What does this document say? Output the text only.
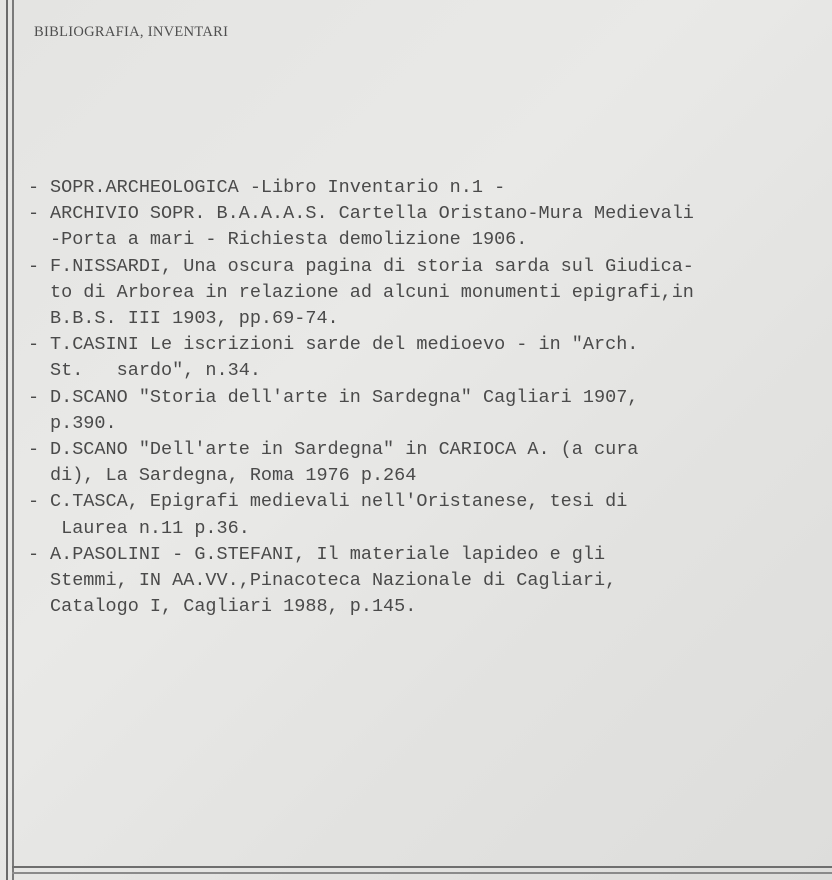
BIBLIOGRAFIA, INVENTARI
- SOPR.ARCHEOLOGICA -Libro Inventario n.1 -
- ARCHIVIO SOPR. B.A.A.A.S. Cartella Oristano-Mura Medievali
-Porta a mari - Richiesta demolizione 1906.
- F.NISSARDI, Una oscura pagina di storia sarda sul Giudica-
to di Arborea in relazione ad alcuni monumenti epigrafi,in
B.B.S. III 1903, pp.69-74.
- T.CASINI Le iscrizioni sarde del medioevo - in "Arch.
St.   sardo", n.34.
- D.SCANO "Storia dell'arte in Sardegna" Cagliari 1907,
p.390.
- D.SCANO "Dell'arte in Sardegna" in CARIOCA A. (a cura
di), La Sardegna, Roma 1976 p.264
- C.TASCA, Epigrafi medievali nell'Oristanese, tesi di
Laurea n.11 p.36.
- A.PASOLINI - G.STEFANI, Il materiale lapideo e gli
Stemmi, IN AA.VV.,Pinacoteca Nazionale di Cagliari,
Catalogo I, Cagliari 1988, p.145.
